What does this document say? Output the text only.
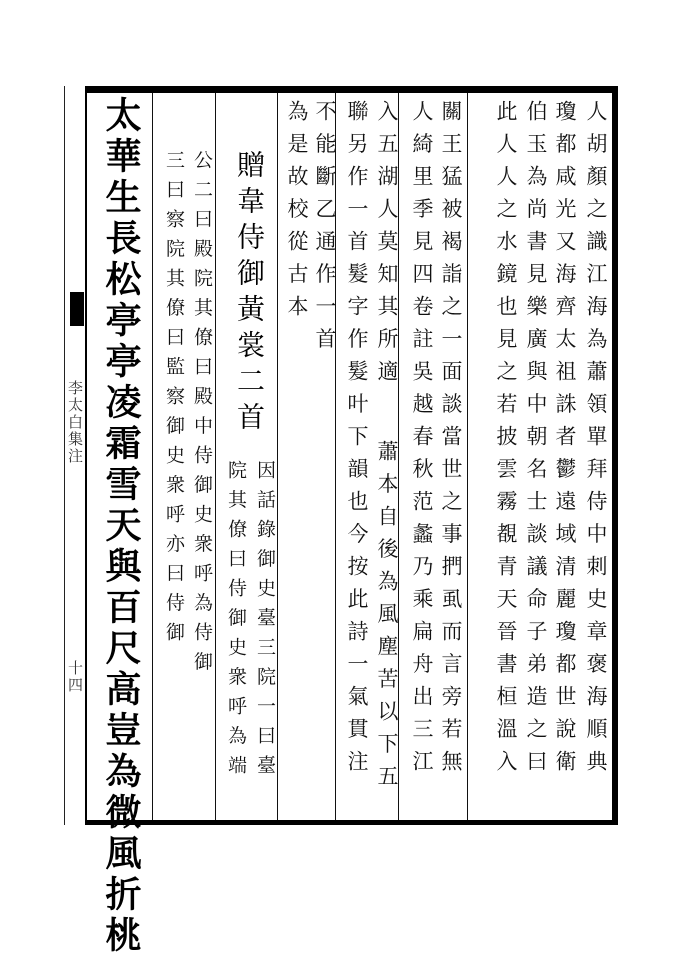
李太白集注
十四	人胡顏之識江海為蕭領單拜侍中刺史章褒海順典
瓊都咸光又海齊太祖誅者鬱遠域清麗瓊都世說衛
伯玉為尚書見樂廣與中朝名士談議命子弟造之曰
此人人之水鏡也見之若披雲霧覩青天晉書桓溫入
關王猛被褐詣之一面談當世之事捫虱而言旁若無
人綺里季見四卷註吳越春秋范蠡乃乘扁舟出三江
入五湖人莫知其所適
蕭本自後為風塵苦以下五
聯另作一首髮字作髮叶下韻也今按此詩一氣貫注
不能斷乙通作一首
為是故校從古本
贈韋侍御黃裳二首
因話錄御史臺三院一曰臺
院其僚曰侍御史衆呼為端
公二曰殿院其僚曰殿中侍御史衆呼為侍御
三曰察院其僚曰監察御史衆呼亦曰侍御
太華生長松亭亭凌霜雪天與百尺高豈為微風折桃
